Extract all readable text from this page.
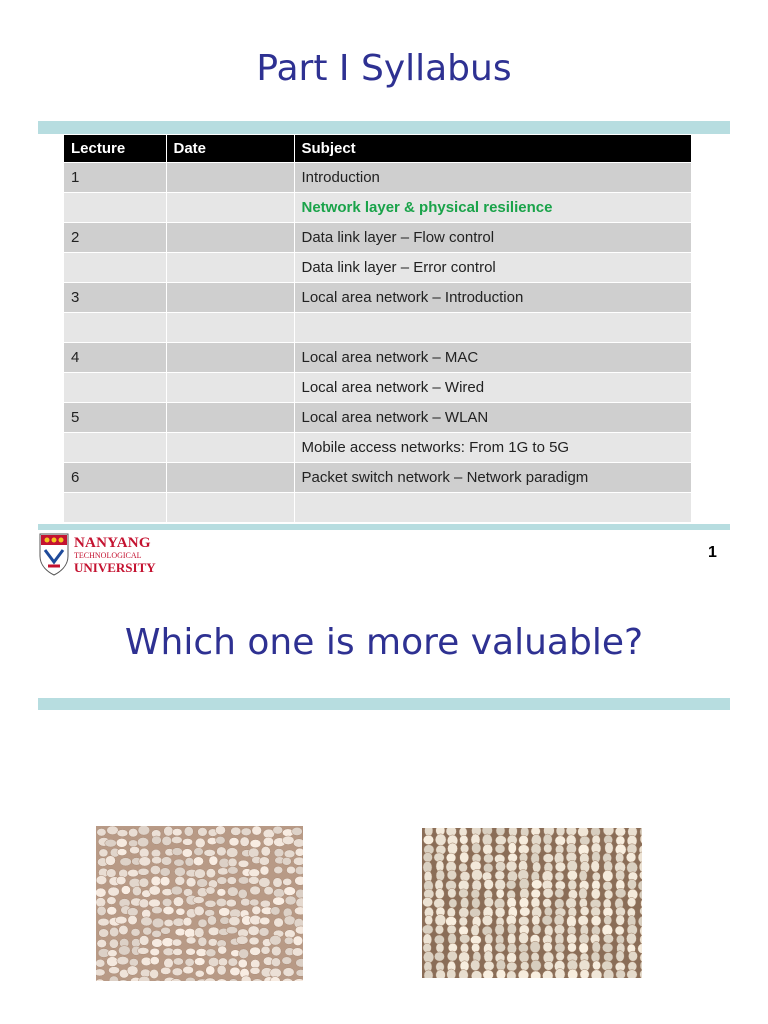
Part I Syllabus
Lecture	Date	Subject
1		Introduction
		Network layer & physical resilience
2		Data link layer – Flow control
		Data link layer – Error control
3		Local area network – Introduction

4		Local area network – MAC
		Local area network – Wired
5		Local area network – WLAN
		Mobile access networks: From 1G to 5G
6		Packet switch network – Network paradigm

NANYANG
TECHNOLOGICAL
UNIVERSITY
1
Which one is more valuable?
